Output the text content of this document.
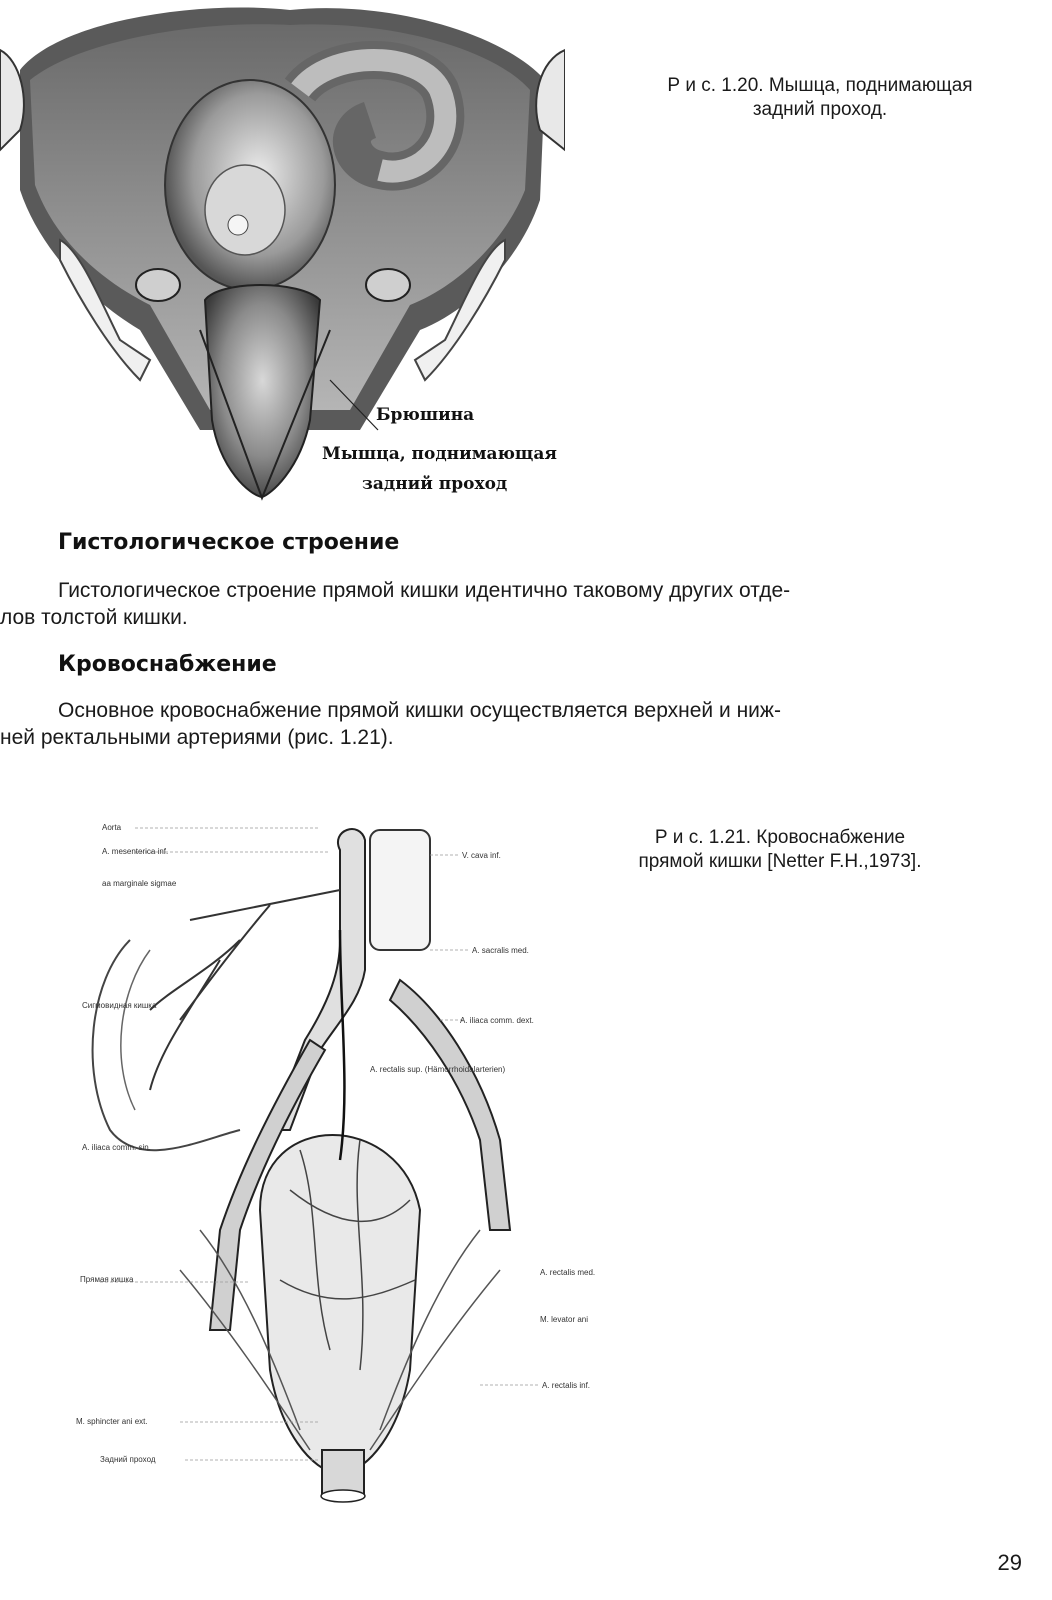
Брюшина
Мышца, поднимающая
задний проход
Р и с. 1.20. Мышца, поднимающая
задний проход.
Гистологическое строение
Гистологическое строение прямой кишки идентично таковому других отде-
лов толстой кишки.
Кровоснабжение
Основное кровоснабжение прямой кишки осуществляется верхней и ниж-
ней ректальными артериями (рис. 1.21).
Aorta
A. mesenterica inf.
aa marginale sigmae
Сигмовидная кишка
A. iliaca comm. sin.
Прямая кишка
M. sphincter ani ext.
Задний проход
V. cava inf.
A. sacralis med.
A. iliaca comm. dext.
A. rectalis sup. (Hämorrhoidalarterien)
A. rectalis med.
M. levator ani
A. rectalis inf.
Р и с. 1.21. Кровоснабжение
прямой кишки [Netter F.H.,1973].
29
